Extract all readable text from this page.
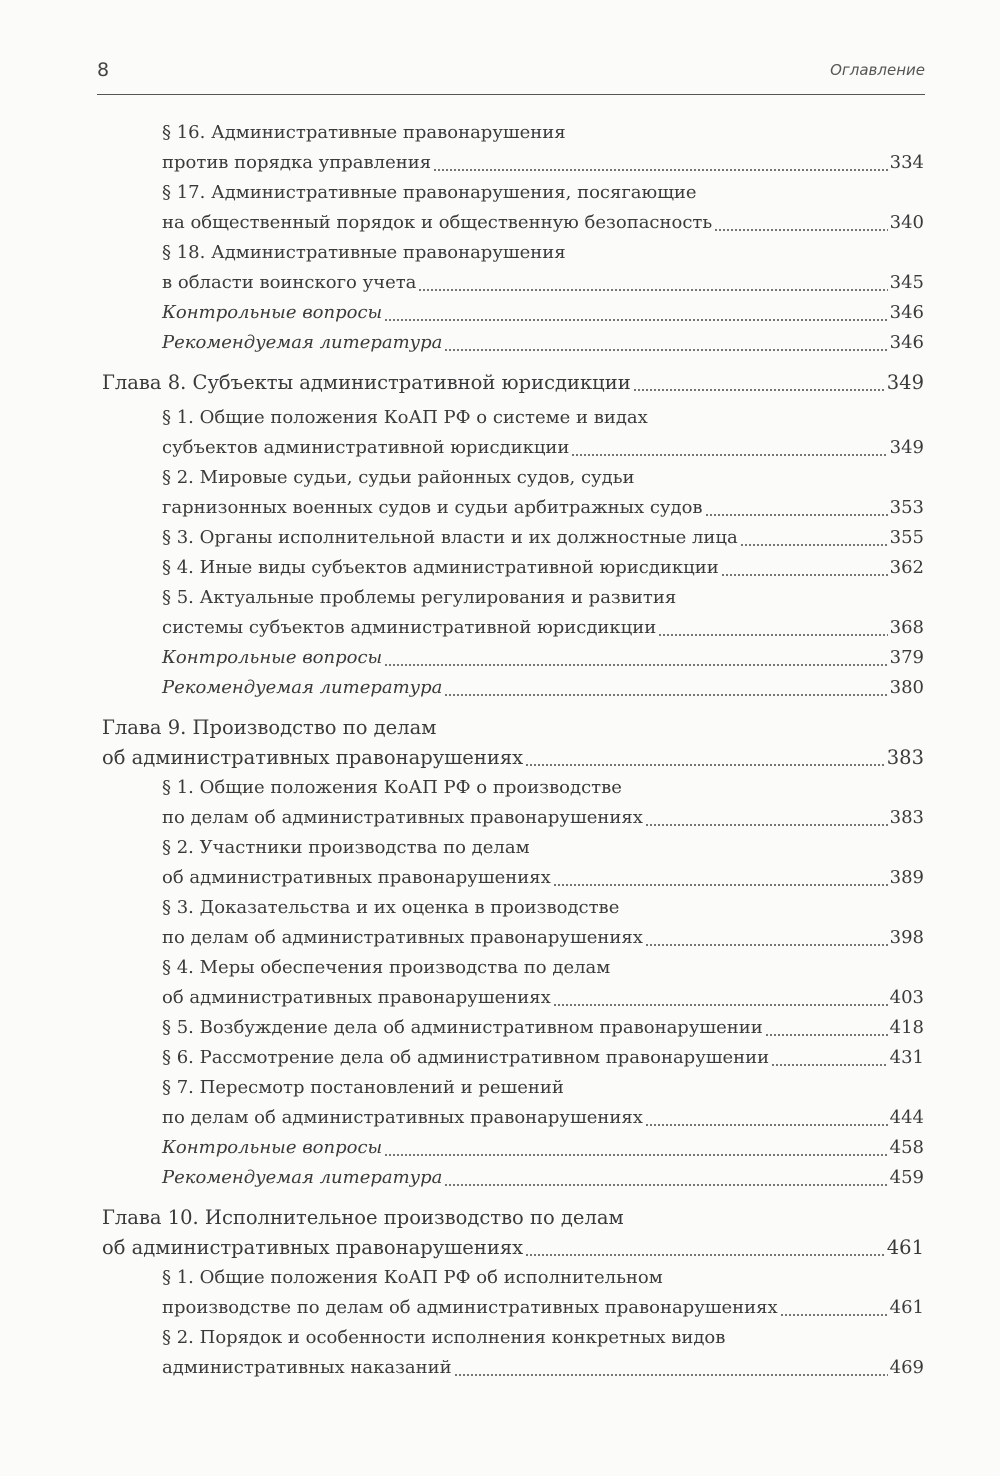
8	Оглавление
§ 16. Административные правонарушения
против порядка управления	334
§ 17. Административные правонарушения, посягающие
на общественный порядок и общественную безопасность	340
§ 18. Административные правонарушения
в области воинского учета	345
Контрольные вопросы	346
Рекомендуемая литература	346
Глава 8. Субъекты административной юрисдикции	349
§ 1. Общие положения КоАП РФ о системе и видах
субъектов административной юрисдикции	349
§ 2. Мировые судьи, судьи районных судов, судьи
гарнизонных военных судов и судьи арбитражных судов	353
§ 3. Органы исполнительной власти и их должностные лица	355
§ 4. Иные виды субъектов административной юрисдикции	362
§ 5. Актуальные проблемы регулирования и развития
системы субъектов административной юрисдикции	368
Контрольные вопросы	379
Рекомендуемая литература	380
Глава 9. Производство по делам
об административных правонарушениях	383
§ 1. Общие положения КоАП РФ о производстве
по делам об административных правонарушениях	383
§ 2. Участники производства по делам
об административных правонарушениях	389
§ 3. Доказательства и их оценка в производстве
по делам об административных правонарушениях	398
§ 4. Меры обеспечения производства по делам
об административных правонарушениях	403
§ 5. Возбуждение дела об административном правонарушении	418
§ 6. Рассмотрение дела об административном правонарушении	431
§ 7. Пересмотр постановлений и решений
по делам об административных правонарушениях	444
Контрольные вопросы	458
Рекомендуемая литература	459
Глава 10. Исполнительное производство по делам
об административных правонарушениях	461
§ 1. Общие положения КоАП РФ об исполнительном
производстве по делам об административных правонарушениях	461
§ 2. Порядок и особенности исполнения конкретных видов
административных наказаний	469
